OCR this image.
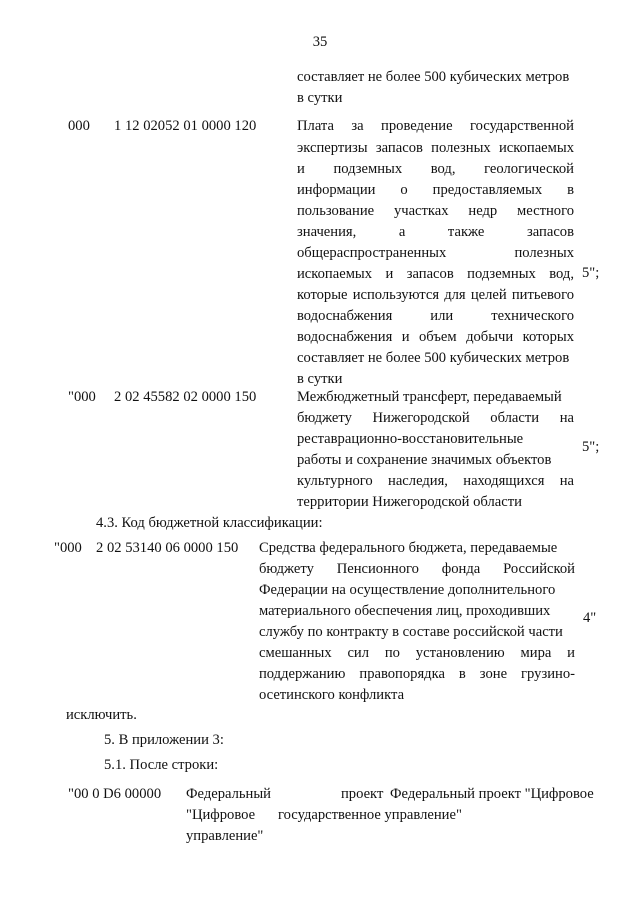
35
составляет не более 500 кубических метров
в сутки
000 1 12 02052 01 0000 120	Плата за проведение государственной
экспертизы запасов полезных ископаемых
и подземных вод, геологической
информации о предоставляемых в
пользование участках недр местного
значения, а также запасов
общераспространенных полезных
ископаемых и запасов подземных вод,
которые используются для целей питьевого
водоснабжения или технического
водоснабжения и объем добычи которых
составляет не более 500 кубических метров
в сутки
5";
"000 2 02 45582 02 0000 150	Межбюджетный трансферт, передаваемый
бюджету Нижегородской области на
реставрационно-восстановительные
работы и сохранение значимых объектов
культурного наследия, находящихся на
территории Нижегородской области
5";
4.3. Код бюджетной классификации:
"000 2 02 53140 06 0000 150 Средства федерального бюджета, передаваемые
бюджету Пенсионного фонда Российской
Федерации на осуществление дополнительного
материального обеспечения лиц, проходивших
службу по контракту в составе российской части
смешанных сил по установлению мира и
поддержанию правопорядка в зоне грузино-
осетинского конфликта
4"
исключить.
5. В приложении 3:
5.1. После строки:
"00 0 D6 00000 Федеральный
"Цифровое
управление"
проект Федеральный проект "Цифровое
государственное управление"
